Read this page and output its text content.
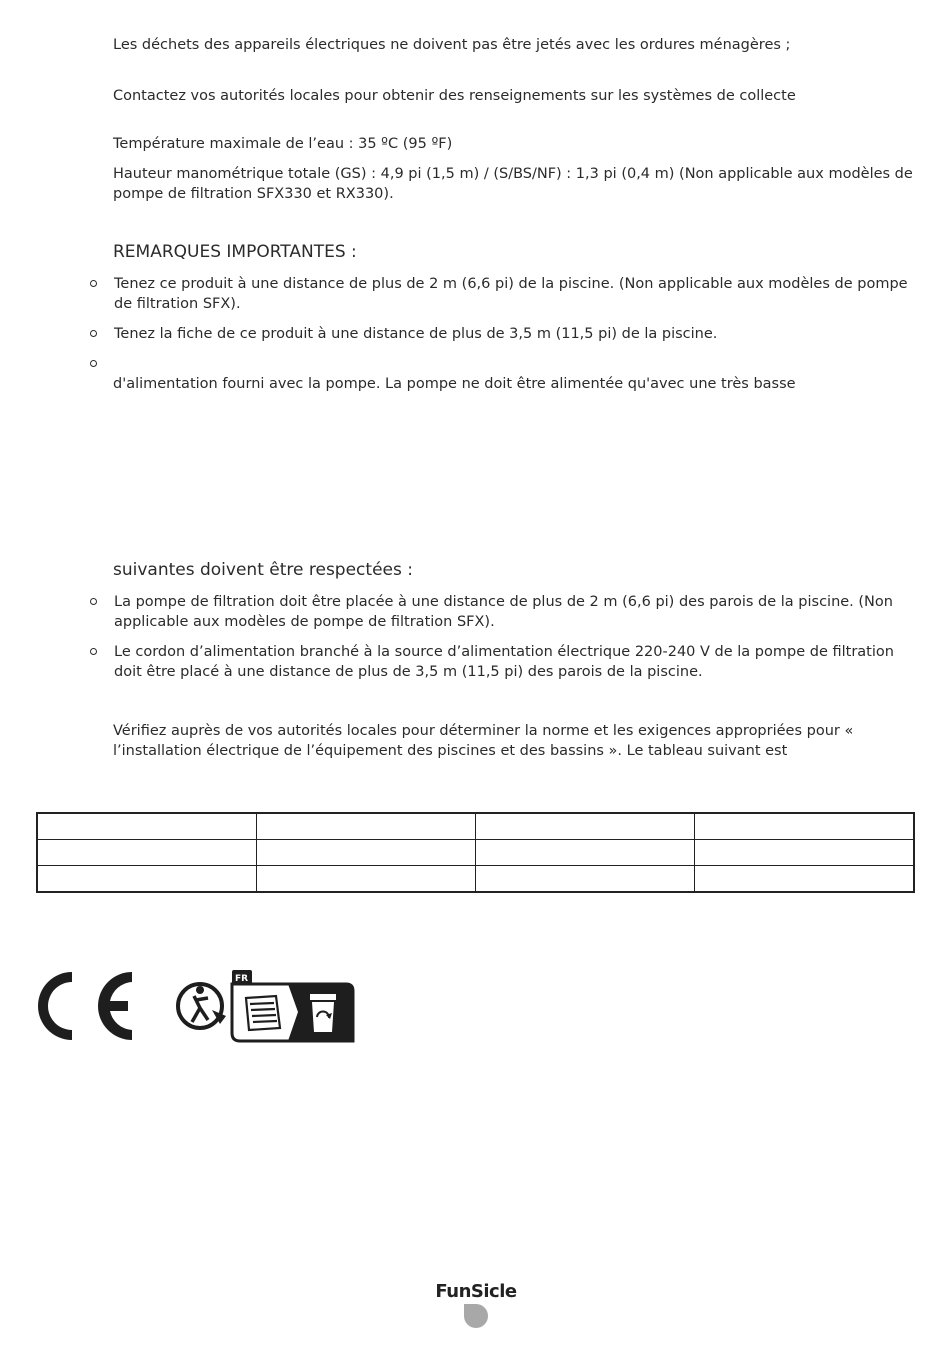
Les déchets des appareils électriques ne doivent pas être jetés avec les ordures ménagères ;

Contactez vos autorités locales pour obtenir des renseignements sur les systèmes de collecte

Température maximale de l’eau : 35 ºC (95 ºF)

Hauteur manométrique totale (GS) : 4,9 pi (1,5 m) / (S/BS/NF) : 1,3 pi (0,4 m) (Non applicable aux modèles de pompe de filtration SFX330 et RX330).

REMARQUES IMPORTANTES :
Tenez ce produit à une distance de plus de 2 m (6,6 pi) de la piscine. (Non applicable aux modèles de pompe de filtration SFX).
Tenez la fiche de ce produit à une distance de plus de 3,5 m (11,5 pi) de la piscine.

d'alimentation fourni avec la pompe. La pompe ne doit être alimentée qu'avec une très basse

suivantes doivent être respectées :
La pompe de filtration doit être placée à une distance de plus de 2 m (6,6 pi) des parois de la piscine. (Non applicable aux modèles de pompe de filtration SFX).
Le cordon d’alimentation branché à la source d’alimentation électrique 220-240 V de la pompe de filtration doit être placé à une distance de plus de 3,5 m (11,5 pi) des parois de la piscine.

Vérifiez auprès de vos autorités locales pour déterminer la norme et les exigences appropriées pour « l’installation électrique de l’équipement des piscines et des bassins ». Le tableau suivant est

FR
FunSicle
